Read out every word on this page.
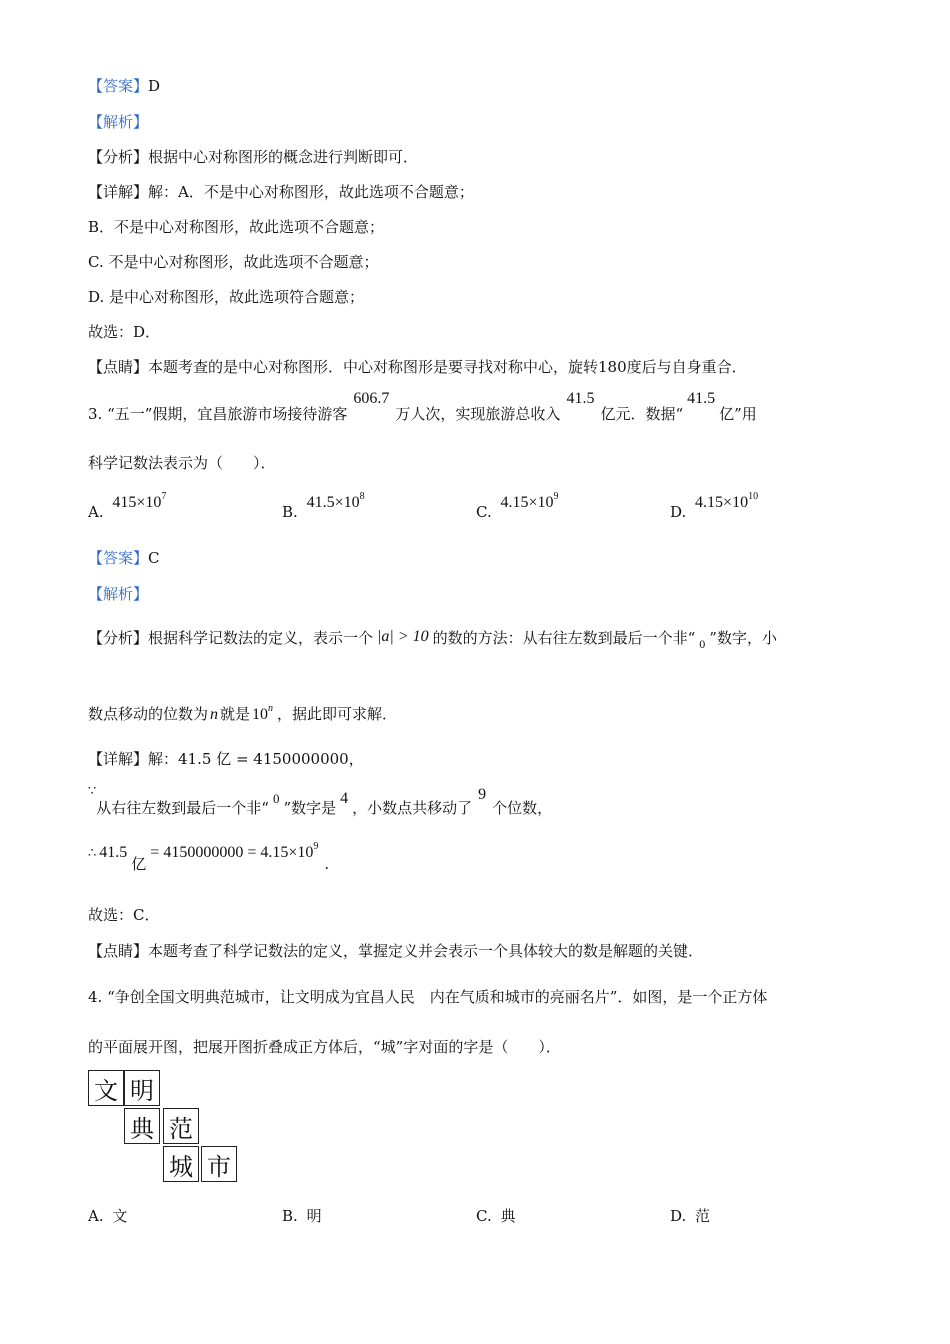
【答案】D
【解析】
【分析】根据中心对称图形的概念进行判断即可．
【详解】解：A．不是中心对称图形，故此选项不合题意；
B．不是中心对称图形，故此选项不合题意；
C. 不是中心对称图形，故此选项不合题意；
D. 是中心对称图形，故此选项符合题意；
故选：D．
【点睛】本题考查的是中心对称图形．中心对称图形是要寻找对称中心，旋转180度后与自身重合．
3. “五一”假期，宜昌旅游市场接待游客606.7万人次，实现旅游总收入41.5亿元．数据“41.5亿”用
科学记数法表示为（　　）．
A. $415\times 10^7$
B. $41.5\times 10^8$
C. $4.15\times 10^9$
D. $4.15\times 10^{10}$
【答案】C
【解析】
【分析】根据科学记数法的定义，表示一个 |a| > 10 的数的方法：从右往左数到最后一个非“ $_0$ ”数字，小
数点移动的位数为 n 就是 10$^n$ ，据此即可求解．
【详解】解：41.5 亿 = 4150000000，
∵从右往左数到最后一个非“0”数字是4，小数点共移动了9个位数，
∴ 41.5亿= $4150000000 = 4.15\times 10^9$.
故选：C．
【点睛】本题考查了科学记数法的定义，掌握定义并会表示一个具体较大的数是解题的关键．
4. “争创全国文明典范城市，让文明成为宜昌人民　内在气质和城市的亮丽名片”．如图，是一个正方体
的平面展开图，把展开图折叠成正方体后，“城”字对面的字是（　　）．
文 明
典 范
城 市
A. 文	B. 明	C. 典	D. 范
